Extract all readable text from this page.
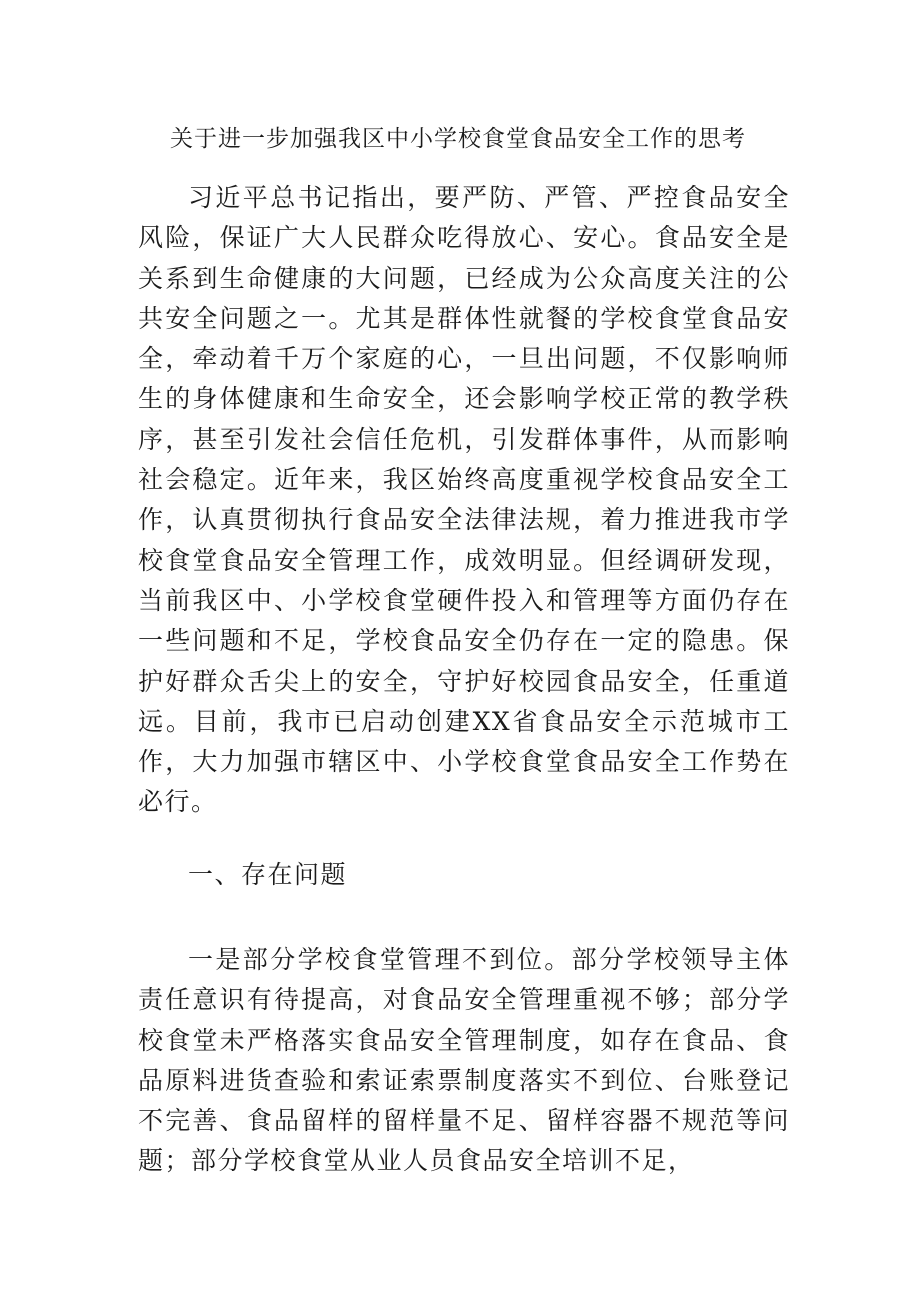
关于进一步加强我区中小学校食堂食品安全工作的思考

习近平总书记指出，要严防、严管、严控食品安全风险，保证广大人民群众吃得放心、安心。食品安全是关系到生命健康的大问题，已经成为公众高度关注的公共安全问题之一。尤其是群体性就餐的学校食堂食品安全，牵动着千万个家庭的心，一旦出问题，不仅影响师生的身体健康和生命安全，还会影响学校正常的教学秩序，甚至引发社会信任危机，引发群体事件，从而影响社会稳定。近年来，我区始终高度重视学校食品安全工作，认真贯彻执行食品安全法律法规，着力推进我市学校食堂食品安全管理工作，成效明显。但经调研发现，当前我区中、小学校食堂硬件投入和管理等方面仍存在一些问题和不足，学校食品安全仍存在一定的隐患。保护好群众舌尖上的安全，守护好校园食品安全，任重道远。目前，我市已启动创建XX省食品安全示范城市工作，大力加强市辖区中、小学校食堂食品安全工作势在必行。

一、存在问题

一是部分学校食堂管理不到位。部分学校领导主体责任意识有待提高，对食品安全管理重视不够；部分学校食堂未严格落实食品安全管理制度，如存在食品、食品原料进货查验和索证索票制度落实不到位、台账登记不完善、食品留样的留样量不足、留样容器不规范等问题；部分学校食堂从业人员食品安全培训不足，
